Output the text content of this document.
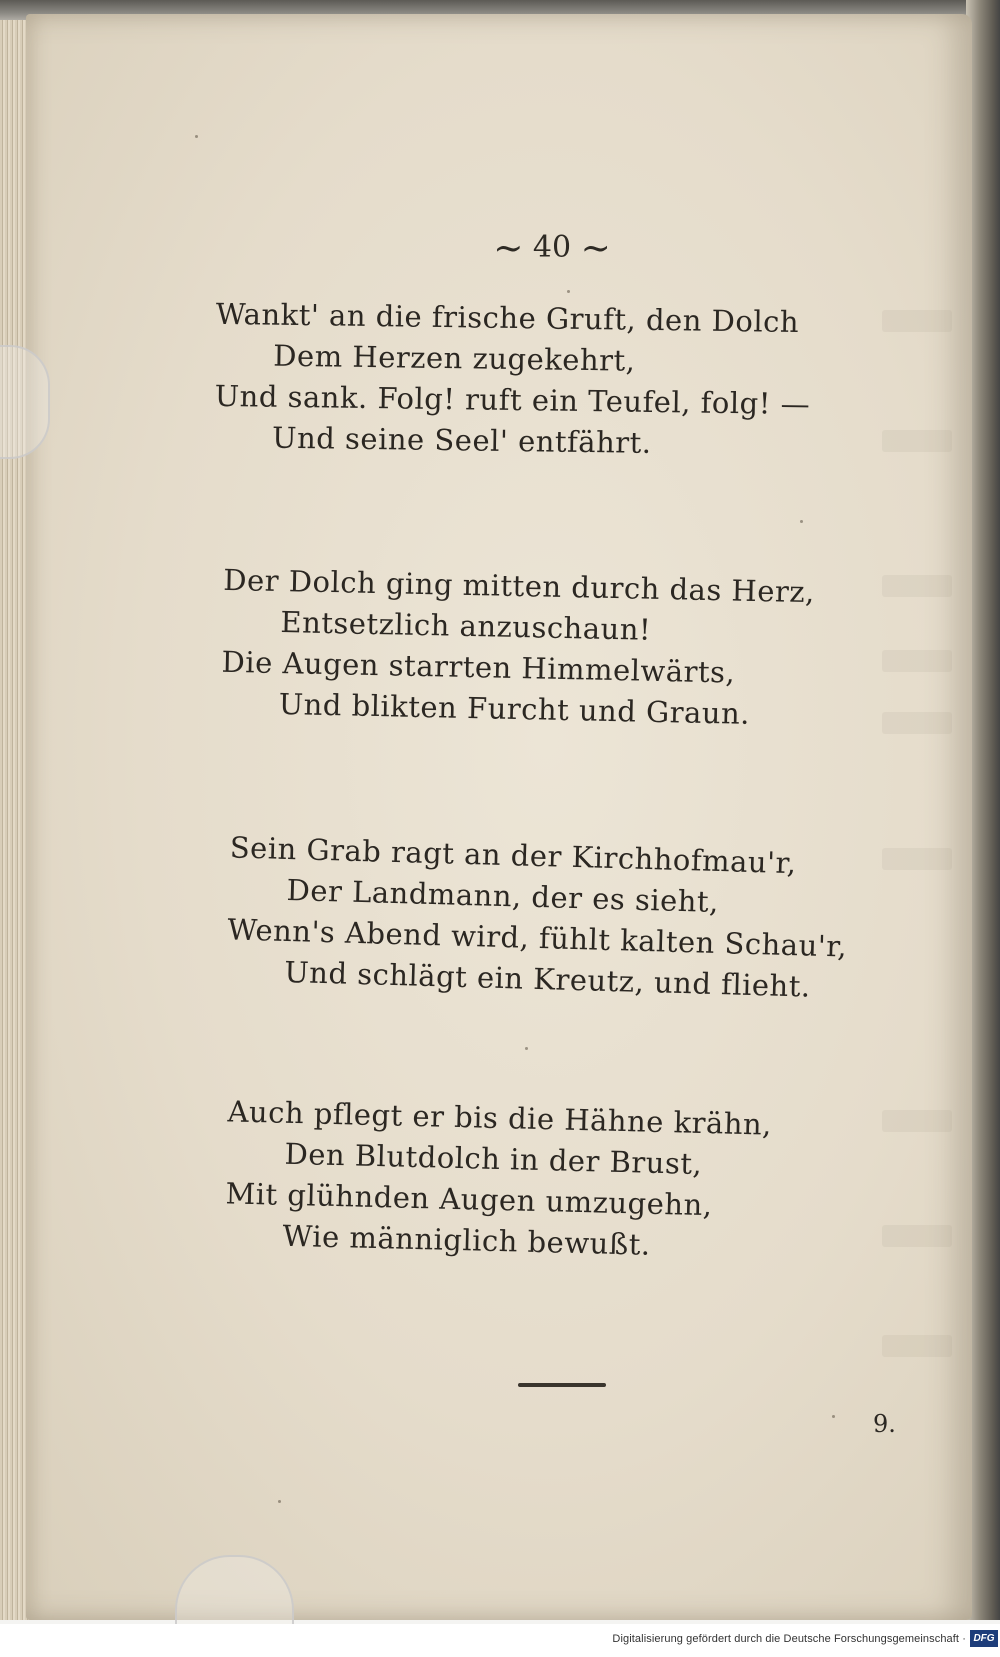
~ 40 ~
Wankt' an die frische Gruft, den Dolch
Dem Herzen zugekehrt,
Und sank. Folg! ruft ein Teufel, folg! —
Und seine Seel' entfährt.
Der Dolch ging mitten durch das Herz,
Entsetzlich anzuschaun!
Die Augen starrten Himmelwärts,
Und blikten Furcht und Graun.
Sein Grab ragt an der Kirchhofmau'r,
Der Landmann, der es sieht,
Wenn's Abend wird, fühlt kalten Schau'r,
Und schlägt ein Kreutz, und flieht.
Auch pflegt er bis die Hähne krähn,
Den Blutdolch in der Brust,
Mit glühnden Augen umzugehn,
Wie männiglich bewußt.
9.
Digitalisierung gefördert durch die Deutsche Forschungsgemeinschaft · DFG
